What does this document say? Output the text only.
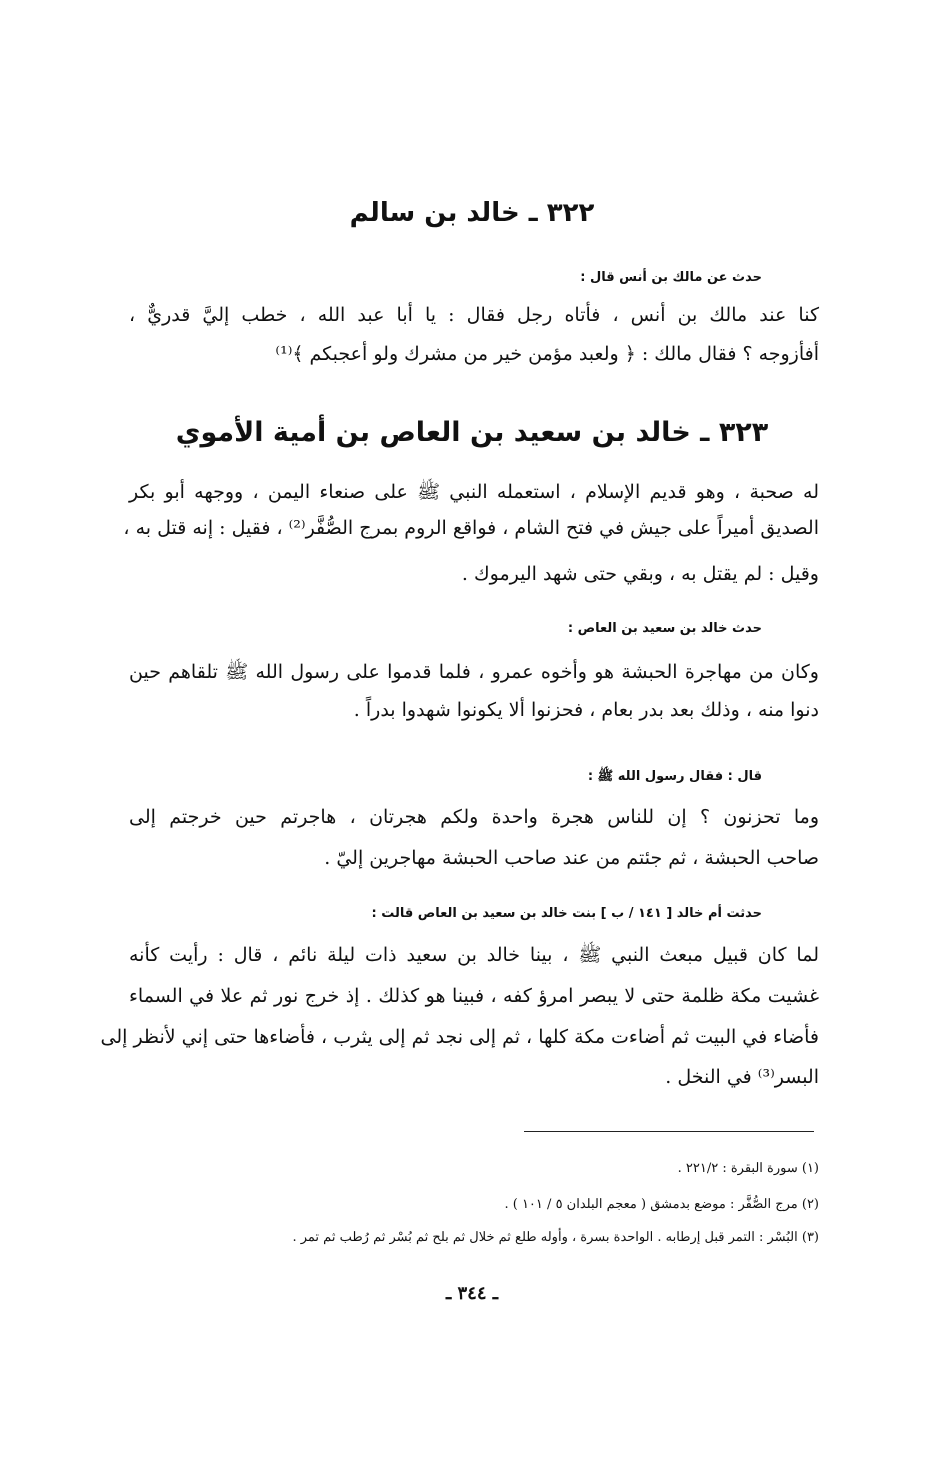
٣٢٢ ـ خالد بن سالم
حدث عن مالك بن أنس قال :
كنا عند مالك بن أنس ، فأتاه رجل فقال : يا أبا عبد الله ، خطب إليَّ قدريٌّ ،
أفأزوجه ؟ فقال مالك : ﴿ ولعبد مؤمن خير من مشرك ولو أعجبكم ﴾⁽¹⁾
٣٢٣ ـ خالد بن سعيد بن العاص بن أمية الأموي
له صحبة ، وهو قديم الإسلام ، استعمله النبي ﷺ على صنعاء اليمن ، ووجهه أبو بكر
الصديق أميراً على جيش في فتح الشام ، فواقع الروم بمرج الصُّفَّر⁽²⁾ ، فقيل : إنه قتل به ،
وقيل : لم يقتل به ، وبقي حتى شهد اليرموك .
حدث خالد بن سعيد بن العاص :
وكان من مهاجرة الحبشة هو وأخوه عمرو ، فلما قدموا على رسول الله ﷺ تلقاهم حين
دنوا منه ، وذلك بعد بدر بعام ، فحزنوا ألا يكونوا شهدوا بدراً .
قال : فقال رسول الله ﷺ :
وما تحزنون ؟ إن للناس هجرة واحدة ولكم هجرتان ، هاجرتم حين خرجتم إلى
صاحب الحبشة ، ثم جئتم من عند صاحب الحبشة مهاجرين إليّ .
حدثت أم خالد [ ١٤١ / ب ] بنت خالد بن سعيد بن العاص قالت :
لما كان قبيل مبعث النبي ﷺ ، بينا خالد بن سعيد ذات ليلة نائم ، قال : رأيت كأنه
غشيت مكة ظلمة حتى لا يبصر امرؤ كفه ، فبينا هو كذلك . إذ خرج نور ثم علا في السماء
فأضاء في البيت ثم أضاءت مكة كلها ، ثم إلى نجد ثم إلى يثرب ، فأضاءها حتى إني لأنظر إلى
البسر⁽³⁾ في النخل .
(١) سورة البقرة : ٢٢١/٢ .
(٢) مرج الصُّفَّر : موضع بدمشق ( معجم البلدان ٥ / ١٠١ ) .
(٣) البُسْر : التمر قبل إرطابه . الواحدة بسرة ، وأوله طلع ثم خلال ثم بلح ثم بُسْر ثم رُطب ثم تمر .
ـ ٣٤٤ ـ
